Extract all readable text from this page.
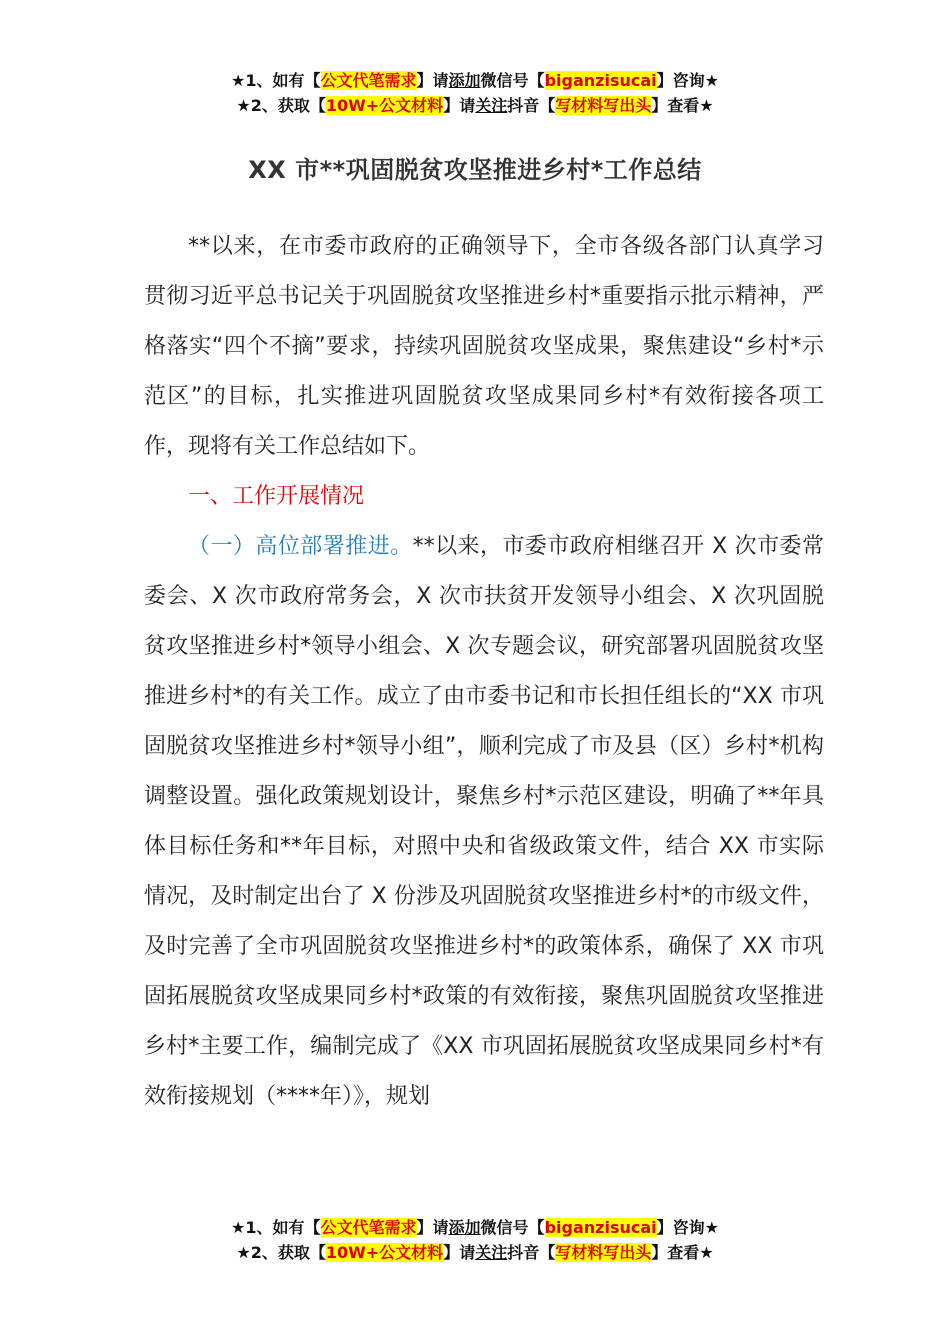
★1、如有【公文代笔需求】请添加微信号【biganzisucai】咨询★
★2、获取【10W+公文材料】请关注抖音【写材料写出头】查看★
XX 市**巩固脱贫攻坚推进乡村*工作总结

**以来，在市委市政府的正确领导下，全市各级各部门认真学习贯彻习近平总书记关于巩固脱贫攻坚推进乡村*重要指示批示精神，严格落实“四个不摘”要求，持续巩固脱贫攻坚成果，聚焦建设“乡村*示范区”的目标，扎实推进巩固脱贫攻坚成果同乡村*有效衔接各项工作，现将有关工作总结如下。

一、工作开展情况

（一）高位部署推进。**以来，市委市政府相继召开 X 次市委常委会、X 次市政府常务会，X 次市扶贫开发领导小组会、X 次巩固脱贫攻坚推进乡村*领导小组会、X 次专题会议，研究部署巩固脱贫攻坚推进乡村*的有关工作。成立了由市委书记和市长担任组长的“XX 市巩固脱贫攻坚推进乡村*领导小组”，顺利完成了市及县（区）乡村*机构调整设置。强化政策规划设计，聚焦乡村*示范区建设，明确了**年具体目标任务和**年目标，对照中央和省级政策文件，结合 XX 市实际情况，及时制定出台了 X 份涉及巩固脱贫攻坚推进乡村*的市级文件，及时完善了全市巩固脱贫攻坚推进乡村*的政策体系，确保了 XX 市巩固拓展脱贫攻坚成果同乡村*政策的有效衔接，聚焦巩固脱贫攻坚推进乡村*主要工作，编制完成了《XX 市巩固拓展脱贫攻坚成果同乡村*有效衔接规划（****年）》，规划

★1、如有【公文代笔需求】请添加微信号【biganzisucai】咨询★
★2、获取【10W+公文材料】请关注抖音【写材料写出头】查看★
